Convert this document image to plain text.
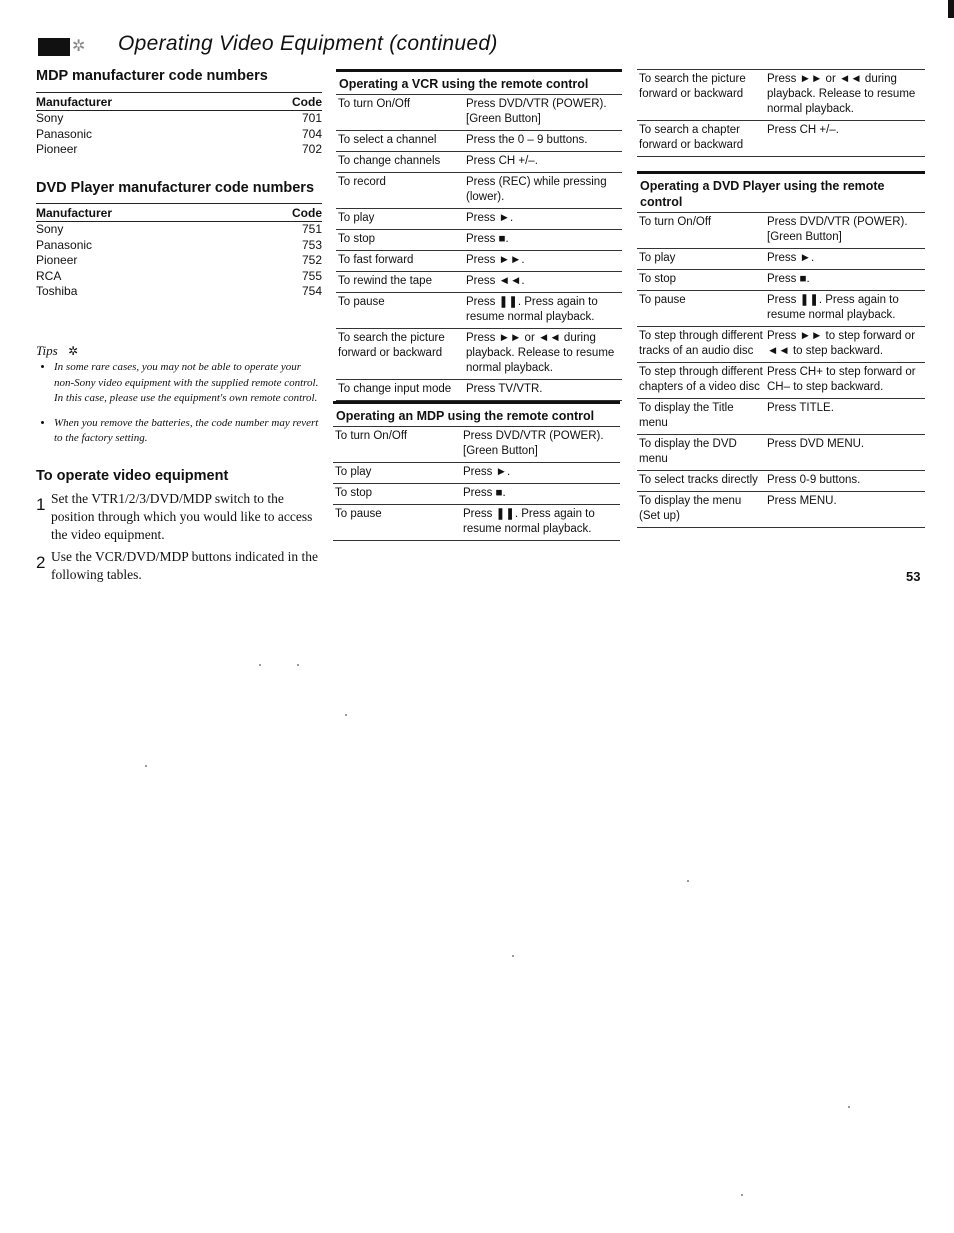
✲ Operating Video Equipment (continued)
MDP manufacturer code numbers
Manufacturer	Code
Sony	701
Panasonic	704
Pioneer	702
DVD Player manufacturer code numbers
Manufacturer	Code
Sony	751
Panasonic	753
Pioneer	752
RCA	755
Toshiba	754
Tips ✲
• In some rare cases, you may not be able to operate your non-Sony video equipment with the supplied remote control. In this case, please use the equipment's own remote control.
• When you remove the batteries, the code number may revert to the factory setting.
To operate video equipment
1 Set the VTR1/2/3/DVD/MDP switch to the position through which you would like to access the video equipment.
2 Use the VCR/DVD/MDP buttons indicated in the following tables.
Operating a VCR using the remote control
To turn On/Off	Press DVD/VTR (POWER). [Green Button]
To select a channel	Press the 0 – 9 buttons.
To change channels	Press CH +/–.
To record	Press (REC) while pressing (lower).
To play	Press ►.
To stop	Press ■.
To fast forward	Press ►►.
To rewind the tape	Press ◄◄.
To pause	Press ❚❚. Press again to resume normal playback.
To search the picture forward or backward	Press ►► or ◄◄ during playback. Release to resume normal playback.
To change input mode	Press TV/VTR.
Operating an MDP using the remote control
To turn On/Off	Press DVD/VTR (POWER). [Green Button]
To play	Press ►.
To stop	Press ■.
To pause	Press ❚❚. Press again to resume normal playback.
To search the picture forward or backward	Press ►► or ◄◄ during playback. Release to resume normal playback.
To search a chapter forward or backward	Press CH +/–.
Operating a DVD Player using the remote control
To turn On/Off	Press DVD/VTR (POWER). [Green Button]
To play	Press ►.
To stop	Press ■.
To pause	Press ❚❚. Press again to resume normal playback.
To step through different tracks of an audio disc	Press ►► to step forward or ◄◄ to step backward.
To step through different chapters of a video disc	Press CH+ to step forward or CH– to step backward.
To display the Title menu	Press TITLE.
To display the DVD menu	Press DVD MENU.
To select tracks directly	Press 0-9 buttons.
To display the menu (Set up)	Press MENU.
53
